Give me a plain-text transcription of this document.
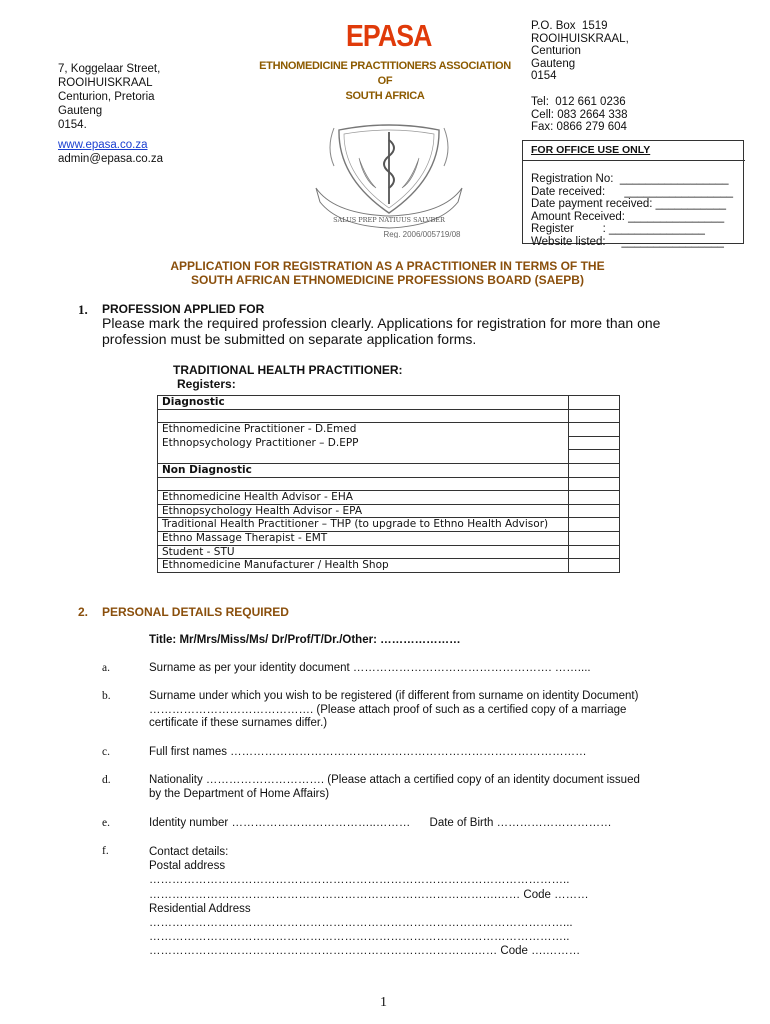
7, Koggelaar Street,
ROOIHUISKRAAL
Centurion, Pretoria
Gauteng
0154.
www.epasa.co.za
admin@epasa.co.za
EPASA
ETHNOMEDICINE PRACTITIONERS ASSOCIATION
OF
SOUTH AFRICA
SALUS PREP NATIUUS SALVBER
Reg. 2006/005719/08
P.O. Box  1519
ROOIHUISKRAAL,
Centurion
Gauteng
0154
Tel:  012 661 0236
Cell: 083 2664 338
Fax: 0866 279 604
FOR OFFICE USE ONLY
Registration No:  _________________
Date received:      _________________
Date payment received: ___________
Amount Received: _______________
Register         : _______________
Website listed:     ________________
APPLICATION FOR REGISTRATION AS A PRACTITIONER IN TERMS OF THE
SOUTH AFRICAN ETHNOMEDICINE PROFESSIONS BOARD (SAEPB)
1. PROFESSION APPLIED FOR
Please mark the required profession clearly. Applications for registration for more than one
profession must be submitted on separate application forms.
TRADITIONAL HEALTH PRACTITIONER:
Registers:
Diagnostic	

Ethnomedicine Practitioner - D.Emed	
Ethnopsychology Practitioner – D.EPP	

Non Diagnostic	

Ethnomedicine Health Advisor - EHA	
Ethnopsychology Health Advisor - EPA	
Traditional Health Practitioner – THP (to upgrade to Ethno Health Advisor)	
Ethno Massage Therapist - EMT	
Student - STU	
Ethnomedicine Manufacturer / Health Shop	
2. PERSONAL DETAILS REQUIRED
Title: Mr/Mrs/Miss/Ms/ Dr/Prof/T/Dr./Other: …………………
a.	Surname as per your identity document ……………………………………………. ……....
b.	Surname under which you wish to be registered (if different from surname on identity Document)
……………………………………. (Please attach proof of such as a certified copy of a marriage
certificate if these surnames differ.)
c.	Full first names …………………………………………………………………………………
d.	Nationality …………………………. (Please attach a certified copy of an identity document issued
by the Department of Home Affairs)
e.	Identity number ………………………………..………      Date of Birth …………………………
f.	Contact details:
Postal address
………………………………………………………………………………………………..
……………………………………………………………………………….…… Code ………
Residential Address
………………………………………………………………………………………………...
………………………………………………………………………………………………..
………………………………………………………………………….…… Code ….………
1
